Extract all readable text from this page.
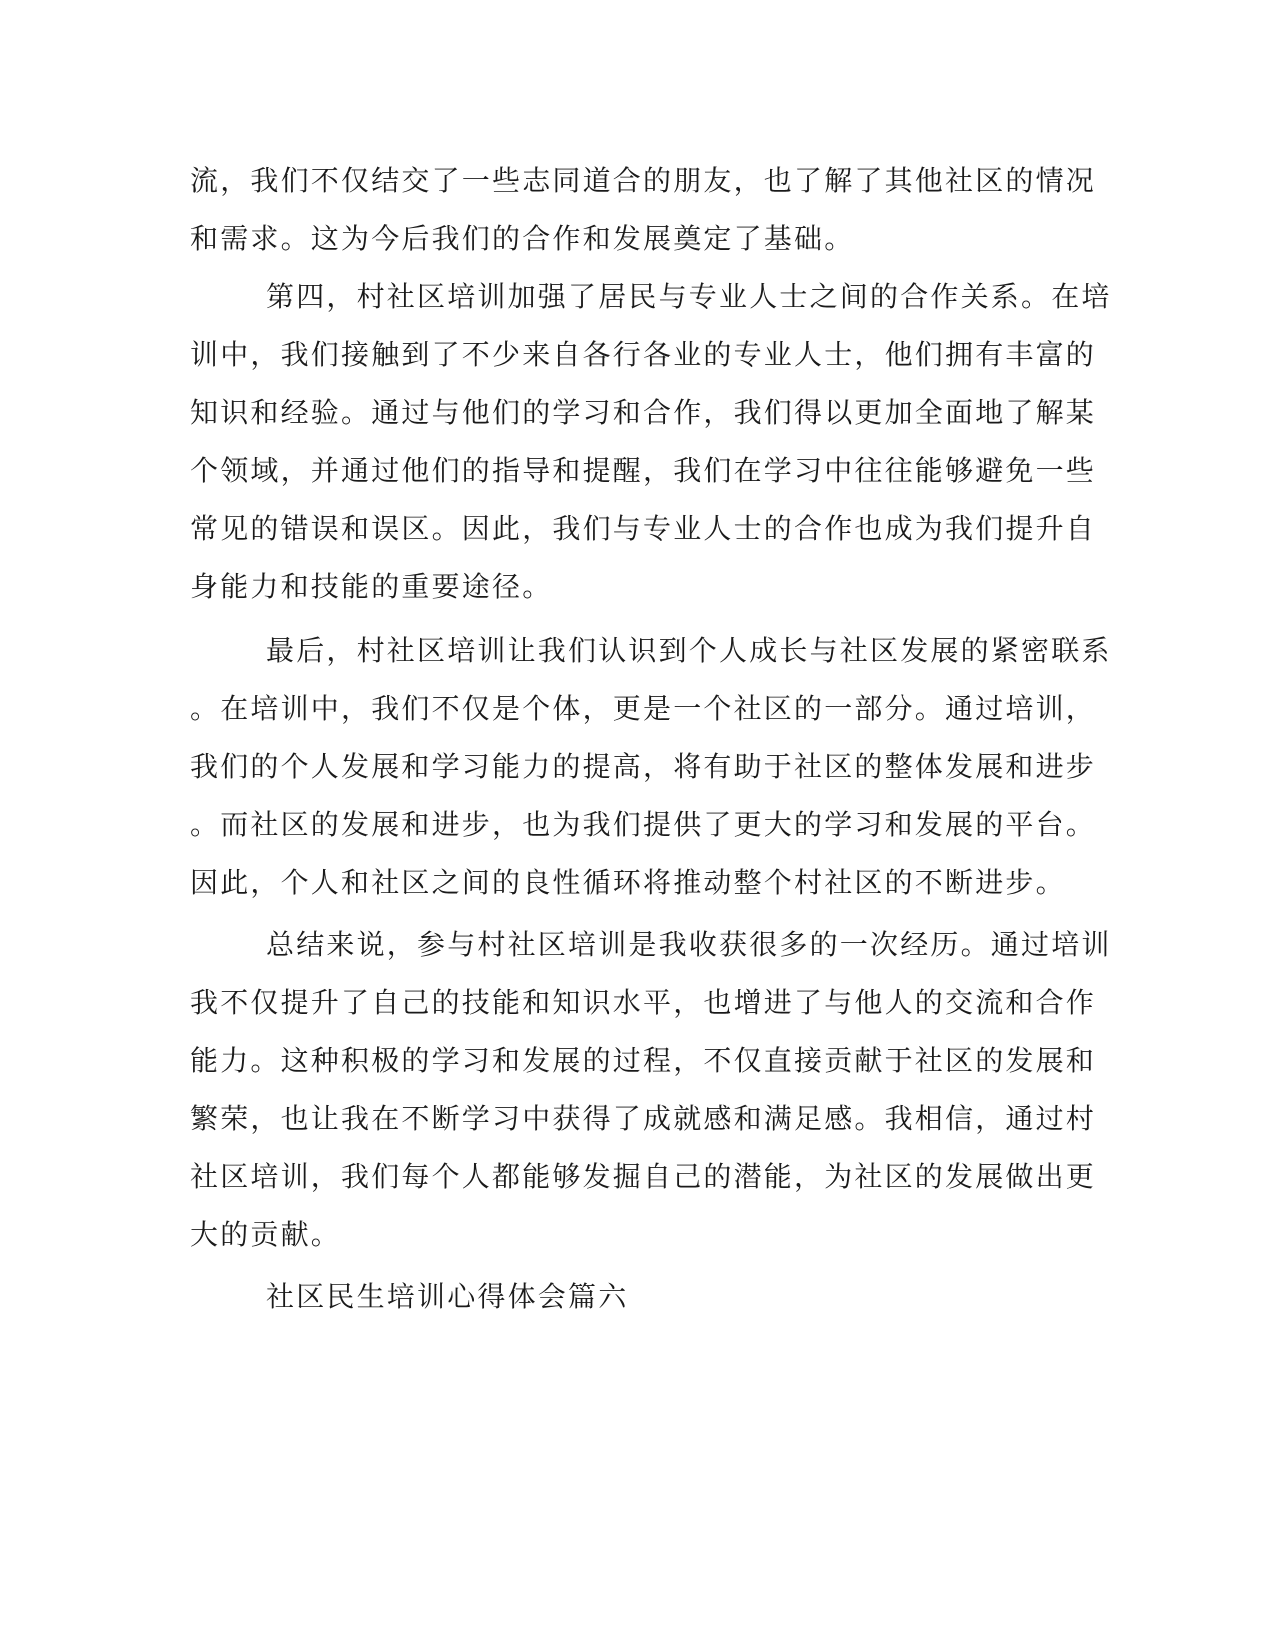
流，我们不仅结交了一些志同道合的朋友，也了解了其他社区的情况
和需求。这为今后我们的合作和发展奠定了基础。
第四，村社区培训加强了居民与专业人士之间的合作关系。在培
训中，我们接触到了不少来自各行各业的专业人士，他们拥有丰富的
知识和经验。通过与他们的学习和合作，我们得以更加全面地了解某
个领域，并通过他们的指导和提醒，我们在学习中往往能够避免一些
常见的错误和误区。因此，我们与专业人士的合作也成为我们提升自
身能力和技能的重要途径。
最后，村社区培训让我们认识到个人成长与社区发展的紧密联系
。在培训中，我们不仅是个体，更是一个社区的一部分。通过培训，
我们的个人发展和学习能力的提高，将有助于社区的整体发展和进步
。而社区的发展和进步，也为我们提供了更大的学习和发展的平台。
因此，个人和社区之间的良性循环将推动整个村社区的不断进步。
总结来说，参与村社区培训是我收获很多的一次经历。通过培训
我不仅提升了自己的技能和知识水平，也增进了与他人的交流和合作
能力。这种积极的学习和发展的过程，不仅直接贡献于社区的发展和
繁荣，也让我在不断学习中获得了成就感和满足感。我相信，通过村
社区培训，我们每个人都能够发掘自己的潜能，为社区的发展做出更
大的贡献。
社区民生培训心得体会篇六
